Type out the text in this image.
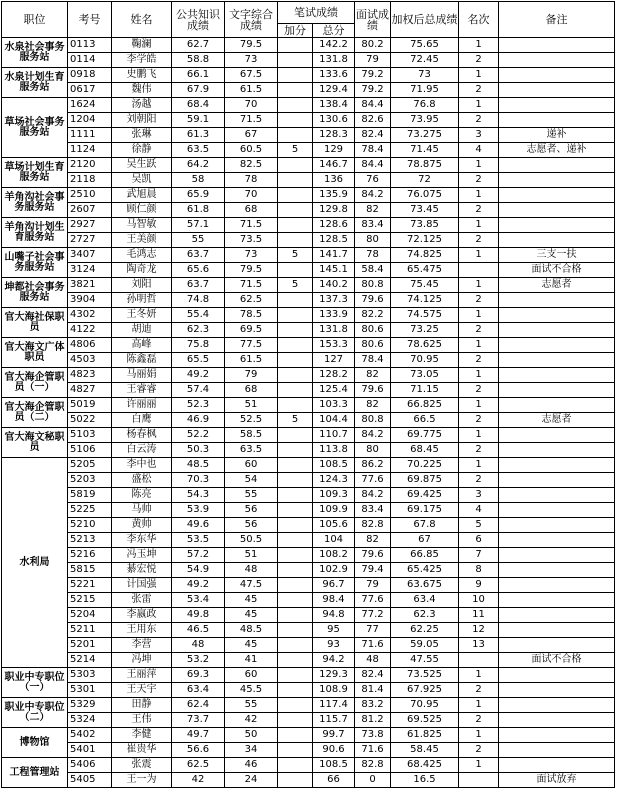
职位	考号	姓名	公共知识成绩	文字综合成绩	笔试成绩		面试成绩	加权后总成绩	名次	备注
					加分	总分				
水泉社会事务服务站	0113	鞠澜	62.7	79.5		142.2	80.2	75.65	1	
	0114	李学皓	58.8	73		131.8	79	72.45	2	
水泉计划生育服务站	0918	史鹏飞	66.1	67.5		133.6	79.2	73	1	
	0617	魏伟	67.9	61.5		129.4	79.2	71.95	2	
草场社会事务服务站	1624	汤越	68.4	70		138.4	84.4	76.8	1	
	1204	刘朝阳	59.1	71.5		130.6	82.6	73.95	2	
	1111	张琳	61.3	67		128.3	82.4	73.275	3	递补
	1124	徐静	63.5	60.5	5	129	78.4	71.45	4	志愿者、递补
草场计划生育服务站	2120	吴生跃	64.2	82.5		146.7	84.4	78.875	1	
	2118	吴凯	58	78		136	76	72	2	
羊角沟社会事务服务站	2510	武旭晨	65.9	70		135.9	84.2	76.075	1	
	2607	顾仁颜	61.8	68		129.8	82	73.45	2	
羊角沟计划生育服务站	2927	马智敏	57.1	71.5		128.6	83.4	73.85	1	
	2727	王美颜	55	73.5		128.5	80	72.125	2	
山嘴子社会事务服务站	3407	毛鸿志	63.7	73	5	141.7	78	74.825	1	三支一扶
	3124	陶奇龙	65.6	79.5		145.1	58.4	65.475		面试不合格
坤都社会事务服务站	3821	刘阳	63.7	71.5	5	140.2	80.8	75.45	1	志愿者
	3904	孙明哲	74.8	62.5		137.3	79.6	74.125	2	
官大海社保职员	4302	王冬妍	55.4	78.5		133.9	82.2	74.575	1	
	4122	胡迪	62.3	69.5		131.8	80.6	73.25	2	
官大海文广体职员	4806	高峰	75.8	77.5		153.3	80.6	78.625	1	
	4503	陈鑫磊	65.5	61.5		127	78.4	70.95	2	
官大海企管职员（一）	4823	马丽娟	49.2	79		128.2	82	73.05	1	
	4827	王睿睿	57.4	68		125.4	79.6	71.15	2	
官大海企管职员（二）	5019	许丽丽	52.3	51		103.3	82	66.825	1	
	5022	白鹰	46.9	52.5	5	104.4	80.8	66.5	2	志愿者
官大海文秘职员	5103	杨春枫	52.2	58.5		110.7	84.2	69.775	1	
	5106	白云涛	50.3	63.5		113.8	80	68.45	2	
水利局	5205	李中也	48.5	60		108.5	86.2	70.225	1	
	5203	盛松	70.3	54		124.3	77.6	69.875	2	
	5819	陈亮	54.3	55		109.3	84.2	69.425	3	
	5225	马帅	53.9	56		109.9	83.4	69.175	4	
	5210	黄帅	49.6	56		105.6	82.8	67.8	5	
	5213	李东华	53.5	50.5		104	82	67	6	
	5216	冯玉坤	57.2	51		108.2	79.6	66.85	7	
	5815	綦宏悦	54.9	48		102.9	79.4	65.425	8	
	5221	计国强	49.2	47.5		96.7	79	63.675	9	
	5215	张雷	53.4	45		98.4	77.6	63.4	10	
	5204	李嬴政	49.8	45		94.8	77.2	62.3	11	
	5211	王用东	46.5	48.5		95	77	62.25	12	
	5201	李营	48	45		93	71.6	59.05	13	
	5214	冯坤	53.2	41		94.2	48	47.55		面试不合格
职业中专职位（一）	5303	王丽萍	69.3	60		129.3	82.4	73.525	1	
	5301	王天宇	63.4	45.5		108.9	81.4	67.925	2	
职业中专职位（二）	5329	田静	62.4	55		117.4	83.2	70.95	1	
	5324	王伟	73.7	42		115.7	81.2	69.525	2	
博物馆	5402	李健	49.7	50		99.7	73.8	61.825	1	
	5401	崔贵华	56.6	34		90.6	71.6	58.45	2	
工程管理站	5406	张震	62.5	46		108.5	82.8	68.425	1	
	5405	王一为	42	24		66	0	16.5		面试放弃
